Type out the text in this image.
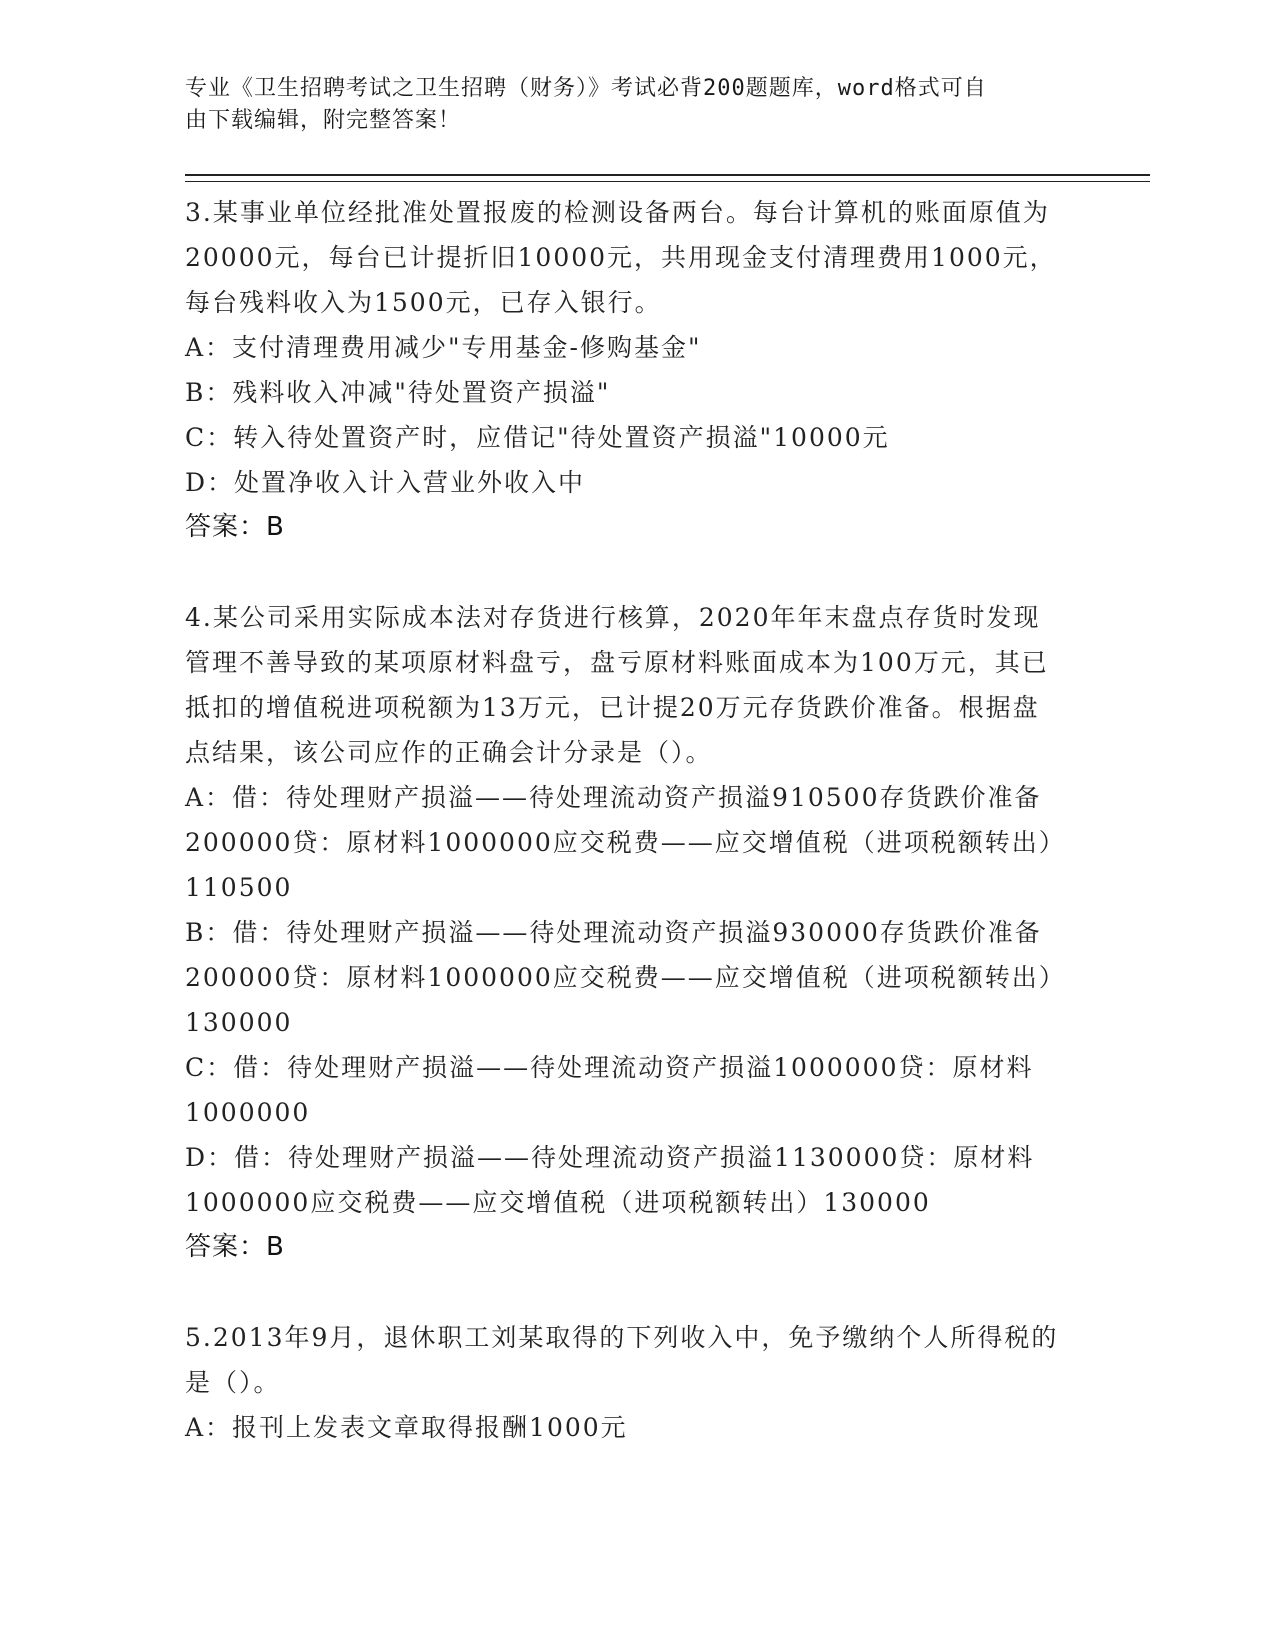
专业《卫生招聘考试之卫生招聘（财务）》考试必背200题题库，word格式可自
由下载编辑，附完整答案！

3.某事业单位经批准处置报废的检测设备两台。每台计算机的账面原值为20000元，每台已计提折旧10000元，共用现金支付清理费用1000元，每台残料收入为1500元，已存入银行。

A：支付清理费用减少"专用基金-修购基金"

B：残料收入冲减"待处置资产损溢"

C：转入待处置资产时，应借记"待处置资产损溢"10000元

D：处置净收入计入营业外收入中

答案：B

4.某公司采用实际成本法对存货进行核算，2020年年末盘点存货时发现管理不善导致的某项原材料盘亏，盘亏原材料账面成本为100万元，其已抵扣的增值税进项税额为13万元，已计提20万元存货跌价准备。根据盘点结果，该公司应作的正确会计分录是（）。

A：借：待处理财产损溢——待处理流动资产损溢910500存货跌价准备200000贷：原材料1000000应交税费——应交增值税（进项税额转出）110500

B：借：待处理财产损溢——待处理流动资产损溢930000存货跌价准备200000贷：原材料1000000应交税费——应交增值税（进项税额转出）130000

C：借：待处理财产损溢——待处理流动资产损溢1000000贷：原材料1000000

D：借：待处理财产损溢——待处理流动资产损溢1130000贷：原材料1000000应交税费——应交增值税（进项税额转出）130000

答案：B

5.2013年9月，退休职工刘某取得的下列收入中，免予缴纳个人所得税的是（）。

A：报刊上发表文章取得报酬1000元
